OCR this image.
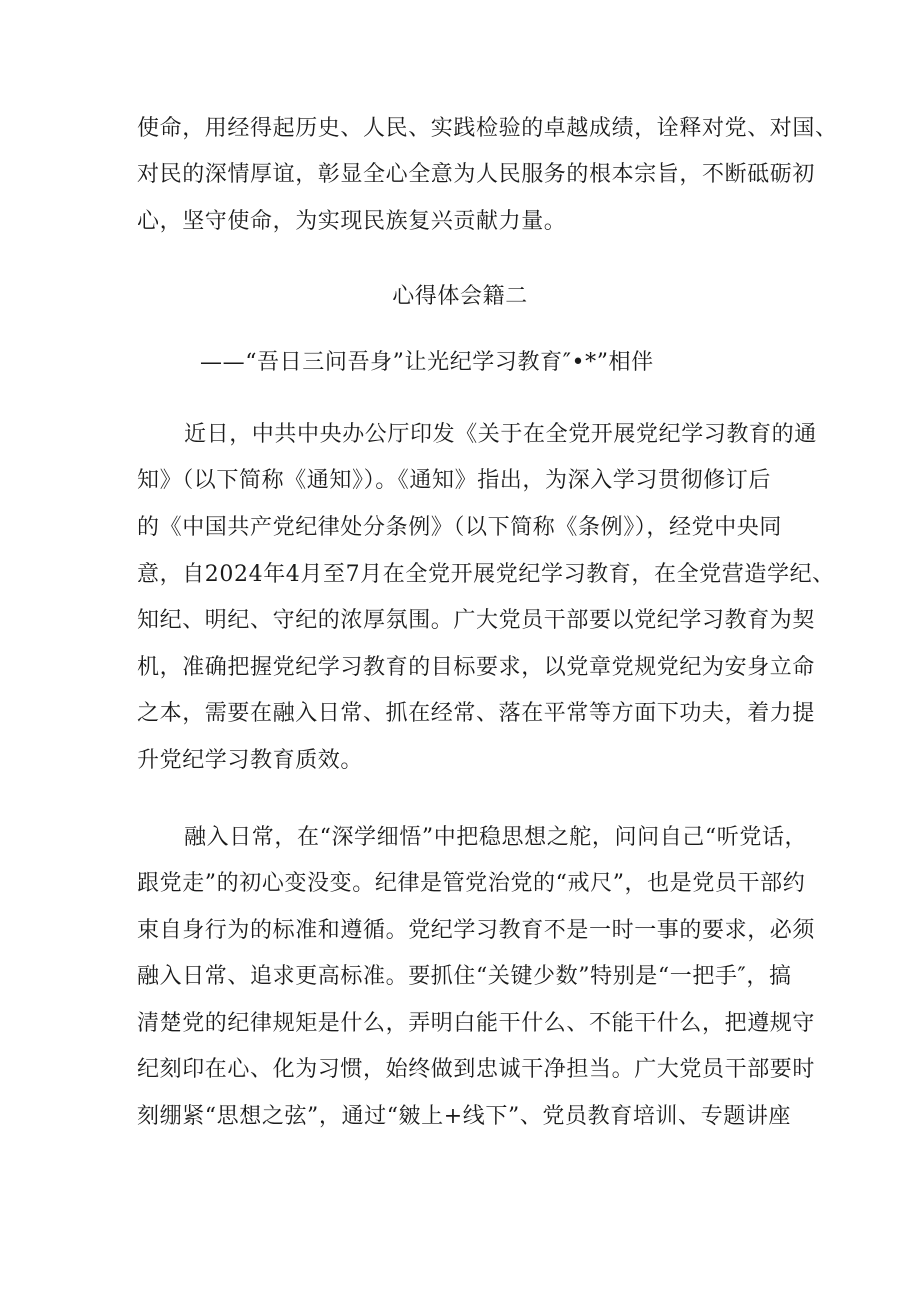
使命，用经得起历史、人民、实践检验的卓越成绩，诠释对党、对国、
对民的深情厚谊，彰显全心全意为人民服务的根本宗旨，不断砥砺初
心，坚守使命，为实现民族复兴贡献力量。
心得体会籍二
——“吾日三问吾身”让光纪学习教育″•*”相伴
近日，中共中央办公厅印发《关于在全党开展党纪学习教育的通
知》（以下简称《通知》）。《通知》指出，为深入学习贯彻修订后
的《中国共产党纪律处分条例》（以下简称《条例》），经党中央同
意，自2024年4月至7月在全党开展党纪学习教育，在全党营造学纪、
知纪、明纪、守纪的浓厚氛围。广大党员干部要以党纪学习教育为契
机，准确把握党纪学习教育的目标要求，以党章党规党纪为安身立命
之本，需要在融入日常、抓在经常、落在平常等方面下功夫，着力提
升党纪学习教育质效。
融入日常，在“深学细悟”中把稳思想之舵，问问自己“听党话，
跟党走”的初心变没变。纪律是管党治党的“戒尺”，也是党员干部约
束自身行为的标准和遵循。党纪学习教育不是一时一事的要求，必须
融入日常、追求更高标准。要抓住“关键少数”特别是“一把手″，搞
清楚党的纪律规矩是什么，弄明白能干什么、不能干什么，把遵规守
纪刻印在心、化为习惯，始终做到忠诚干净担当。广大党员干部要时
刻绷紧“思想之弦”，通过“皴上+线下”、党员教育培训、专题讲座
